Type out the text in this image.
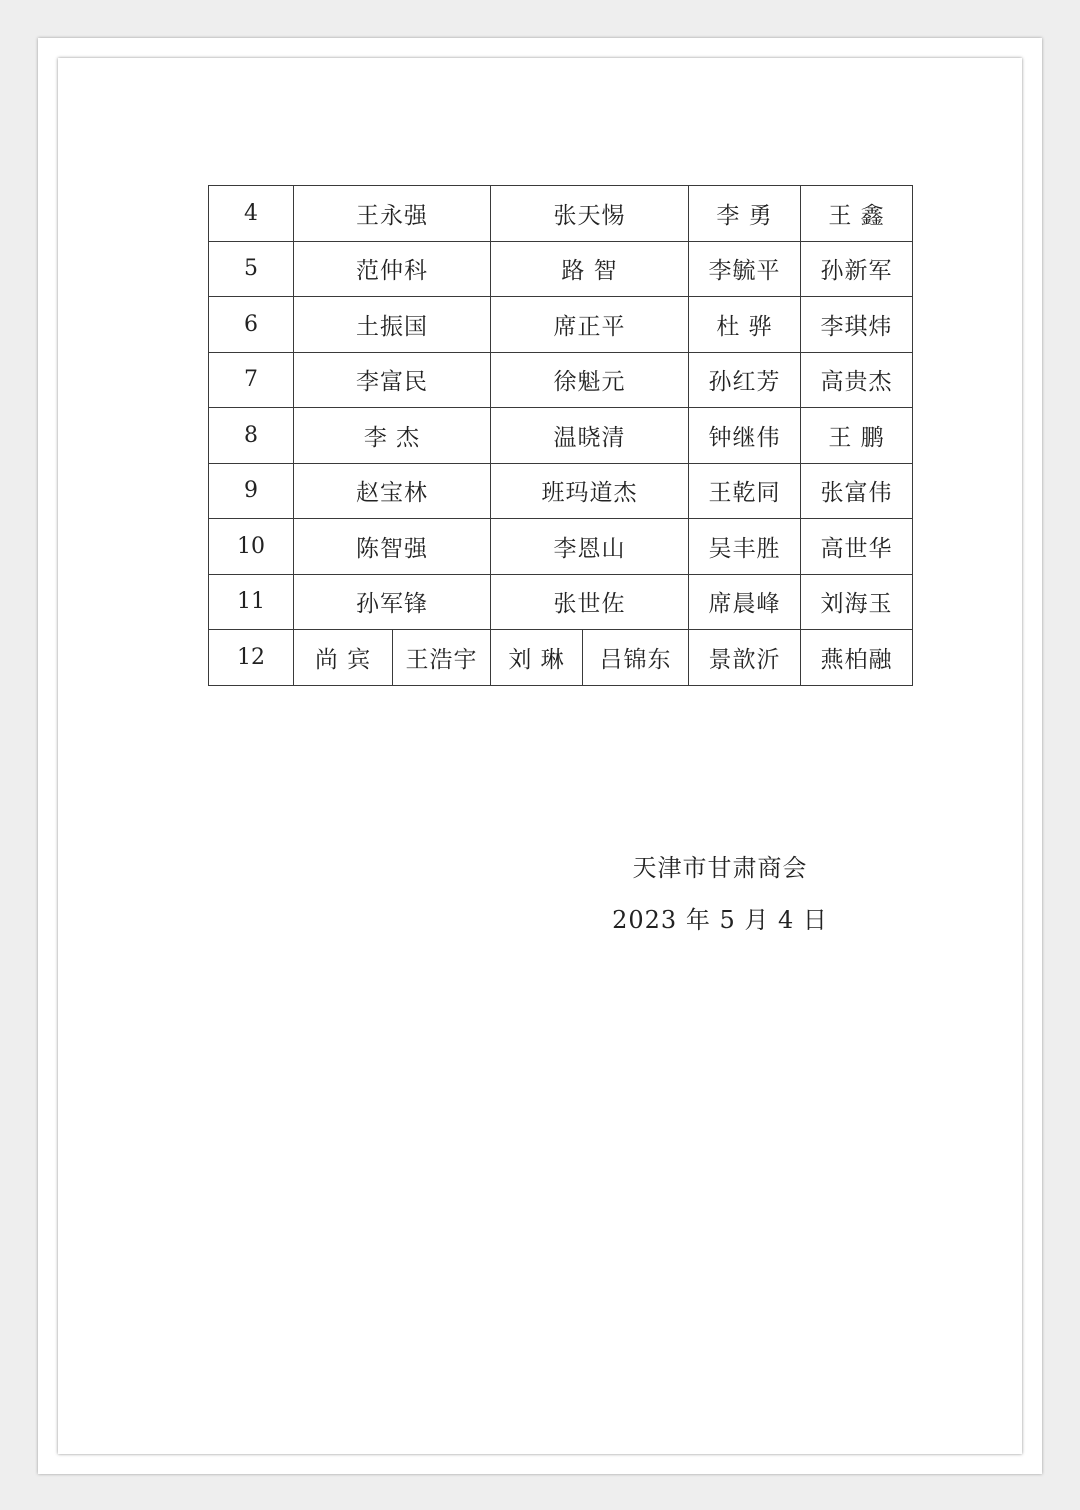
4	王永强		张天惕		李 勇	王 鑫
5	范仲科		路 智		李毓平	孙新军
6	土振国		席正平		杜 骅	李琪炜
7	李富民		徐魁元		孙红芳	高贵杰
8	李 杰		温晓清		钟继伟	王 鹏
9	赵宝林		班玛道杰		王乾同	张富伟
10	陈智强		李恩山		吴丰胜	高世华
11	孙军锋		张世佐		席晨峰	刘海玉
12	尚 宾	王浩宇	刘 琳	吕锦东	景歆沂	燕柏融
天津市甘肃商会
2023 年 5 月 4 日
